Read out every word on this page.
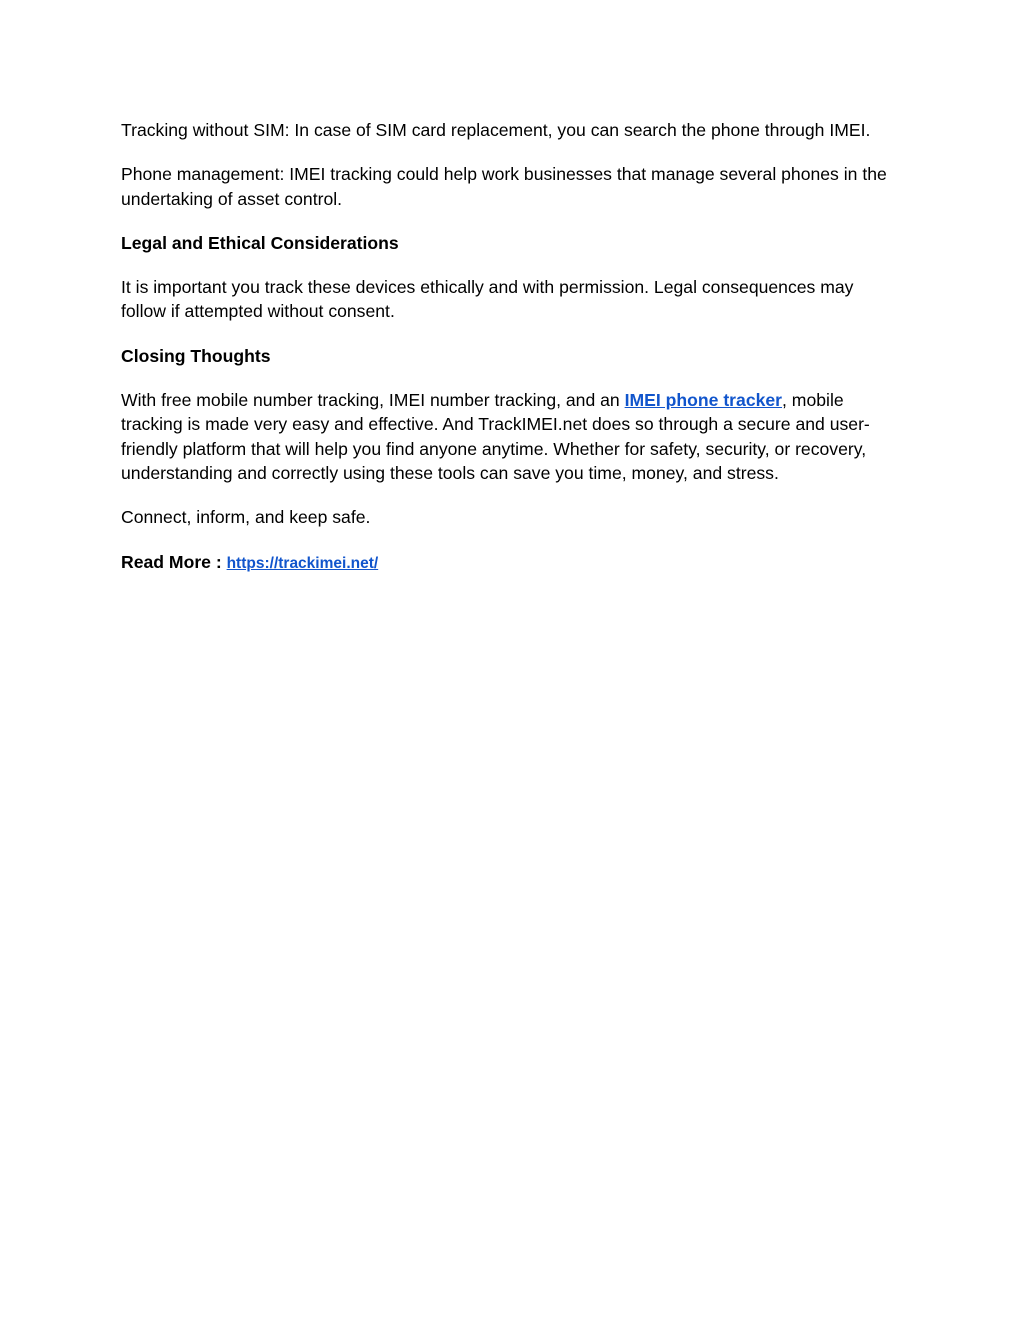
Tracking without SIM: In case of SIM card replacement, you can search the phone through IMEI.

Phone management: IMEI tracking could help work businesses that manage several phones in the undertaking of asset control.

Legal and Ethical Considerations

It is important you track these devices ethically and with permission. Legal consequences may follow if attempted without consent.

Closing Thoughts

With free mobile number tracking, IMEI number tracking, and an IMEI phone tracker, mobile tracking is made very easy and effective. And TrackIMEI.net does so through a secure and user-friendly platform that will help you find anyone anytime. Whether for safety, security, or recovery, understanding and correctly using these tools can save you time, money, and stress.

Connect, inform, and keep safe.

Read More : https://trackimei.net/
